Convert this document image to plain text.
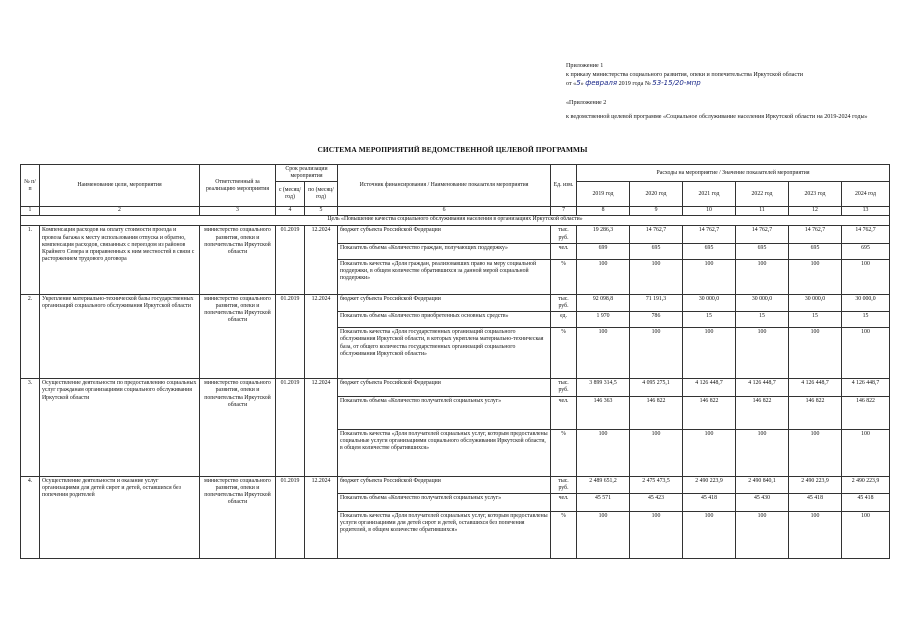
Приложение 1

к приказу министерства социального развития, опеки и попечительства Иркутской области

от «5» февраля 2019 года № 53-15/20-мпр

«Приложение 2

к ведомственной целевой программе «Социальное обслуживание населения Иркутской области на 2019-2024 годы»

СИСТЕМА МЕРОПРИЯТИЙ ВЕДОМСТВЕННОЙ ЦЕЛЕВОЙ ПРОГРАММЫ
№ п/п	Наименование цели, мероприятия	Ответственный за реализацию мероприятия	Срок реализации мероприятия		Источник финансирования / Наименование показателя мероприятия	Ед. изм.	Расходы на мероприятие / Значение показателей мероприятия					
			с (месяц/ год)	по (месяц/ год)			2019 год	2020 год	2021 год	2022 год	2023 год	2024 год
1	2	3	4	5	6	7	8	9	10	11	12	13
Цель «Повышение качества социального обслуживания населения в организациях Иркутской области»												
1.	Компенсация расходов на оплату стоимости проезда и провоза багажа к месту использования отпуска и обратно, компенсация расходов, связанных с переездом из районов Крайнего Севера и приравненных к ним местностей в связи с расторжением трудового договора	министерство социального развития, опеки и попечительства Иркутской области	01.2019	12.2024	бюджет субъекта Российской Федерации	тыс. руб.	19 286,3	14 762,7	14 762,7	14 762,7	14 762,7	14 762,7
					Показатель объема «Количество граждан, получающих поддержку»	чел.	699	695	695	695	695	695
					Показатель качества «Доля граждан, реализовавших право на меру социальной поддержки, в общем количестве обратившихся за данной мерой социальной поддержки»	%	100	100	100	100	100	100
2.	Укрепление материально-технической базы государственных организаций социального обслуживания Иркутской области	министерство социального развития, опеки и попечительства Иркутской области	01.2019	12.2024	бюджет субъекта Российской Федерации	тыс. руб.	92 098,8	71 191,3	30 000,0	30 000,0	30 000,0	30 000,0
					Показатель объема «Количество приобретенных основных средств»	ед.	1 970	786	15	15	15	15
					Показатель качества «Доля государственных организаций социального обслуживания Иркутской области, в которых укреплена материально-техническая база, от общего количества государственных организаций социального обслуживания Иркутской области»	%	100	100	100	100	100	100
3.	Осуществление деятельности по предоставлению социальных услуг гражданам организациями социального обслуживания Иркутской области	министерство социального развития, опеки и попечительства Иркутской области	01.2019	12.2024	бюджет субъекта Российской Федерации	тыс. руб.	3 899 314,5	4 095 275,1	4 126 448,7	4 126 448,7	4 126 448,7	4 126 448,7
					Показатель объема «Количество получателей социальных услуг»	чел.	146 363	146 822	146 822	146 822	146 822	146 822
					Показатель качества «Доля получателей социальных услуг, которым предоставлены социальные услуги организациями социального обслуживания Иркутской области, в общем количестве обратившихся»	%	100	100	100	100	100	100
4.	Осуществление деятельности и оказание услуг организациями для детей сирот и детей, оставшихся без попечения родителей	министерство социального развития, опеки и попечительства Иркутской области	01.2019	12.2024	бюджет субъекта Российской Федерации	тыс. руб.	2 489 651,2	2 475 473,5	2 490 223,9	2 490 840,1	2 490 223,9	2 490 223,9
					Показатель объема «Количество получателей социальных услуг»	чел.	45 571	45 423	45 418	45 430	45 418	45 418
					Показатель качества «Доля получателей социальных услуг, которым предоставлены услуги организациями для детей сирот и детей, оставшихся без попечения родителей, в общем количестве обратившихся»	%	100	100	100	100	100	100
